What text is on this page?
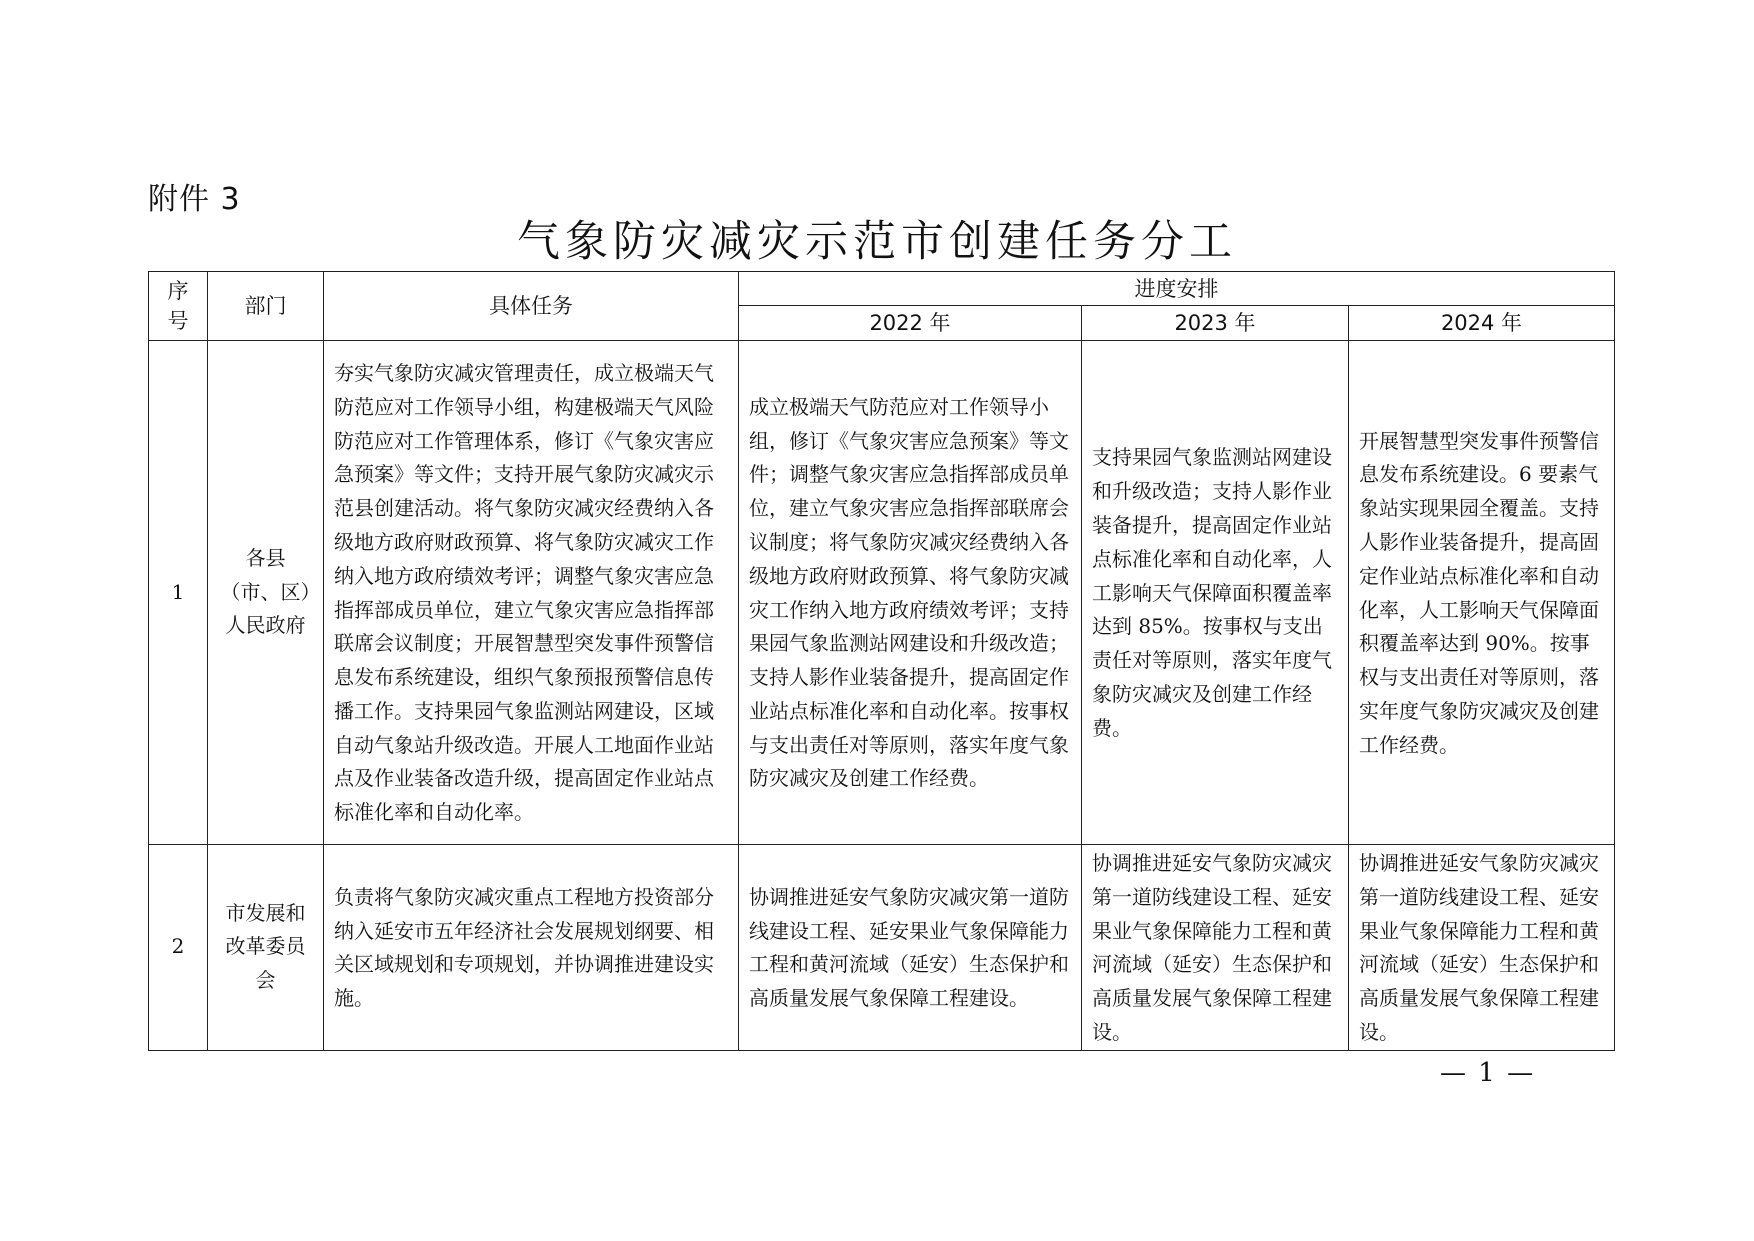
附件 3
气象防灾减灾示范市创建任务分工
序号	部门	具体任务	进度安排		
			2022 年	2023 年	2024 年
1	各县（市、区）人民政府	夯实气象防灾减灾管理责任，成立极端天气防范应对工作领导小组，构建极端天气风险防范应对工作管理体系，修订《气象灾害应急预案》等文件；支持开展气象防灾减灾示范县创建活动。将气象防灾减灾经费纳入各级地方政府财政预算、将气象防灾减灾工作纳入地方政府绩效考评；调整气象灾害应急指挥部成员单位，建立气象灾害应急指挥部联席会议制度；开展智慧型突发事件预警信息发布系统建设，组织气象预报预警信息传播工作。支持果园气象监测站网建设，区域自动气象站升级改造。开展人工地面作业站点及作业装备改造升级，提高固定作业站点标准化率和自动化率。	成立极端天气防范应对工作领导小组，修订《气象灾害应急预案》等文件；调整气象灾害应急指挥部成员单位，建立气象灾害应急指挥部联席会议制度；将气象防灾减灾经费纳入各级地方政府财政预算、将气象防灾减灾工作纳入地方政府绩效考评；支持果园气象监测站网建设和升级改造；支持人影作业装备提升，提高固定作业站点标准化率和自动化率。按事权与支出责任对等原则，落实年度气象防灾减灾及创建工作经费。	支持果园气象监测站网建设和升级改造；支持人影作业装备提升，提高固定作业站点标准化率和自动化率，人工影响天气保障面积覆盖率达到 85%。按事权与支出责任对等原则，落实年度气象防灾减灾及创建工作经费。	开展智慧型突发事件预警信息发布系统建设。6 要素气象站实现果园全覆盖。支持人影作业装备提升，提高固定作业站点标准化率和自动化率，人工影响天气保障面积覆盖率达到 90%。按事权与支出责任对等原则，落实年度气象防灾减灾及创建工作经费。
2	市发展和改革委员会	负责将气象防灾减灾重点工程地方投资部分纳入延安市五年经济社会发展规划纲要、相关区域规划和专项规划，并协调推进建设实施。	协调推进延安气象防灾减灾第一道防线建设工程、延安果业气象保障能力工程和黄河流域（延安）生态保护和高质量发展气象保障工程建设。	协调推进延安气象防灾减灾第一道防线建设工程、延安果业气象保障能力工程和黄河流域（延安）生态保护和高质量发展气象保障工程建设。	协调推进延安气象防灾减灾第一道防线建设工程、延安果业气象保障能力工程和黄河流域（延安）生态保护和高质量发展气象保障工程建设。
— 1 —
